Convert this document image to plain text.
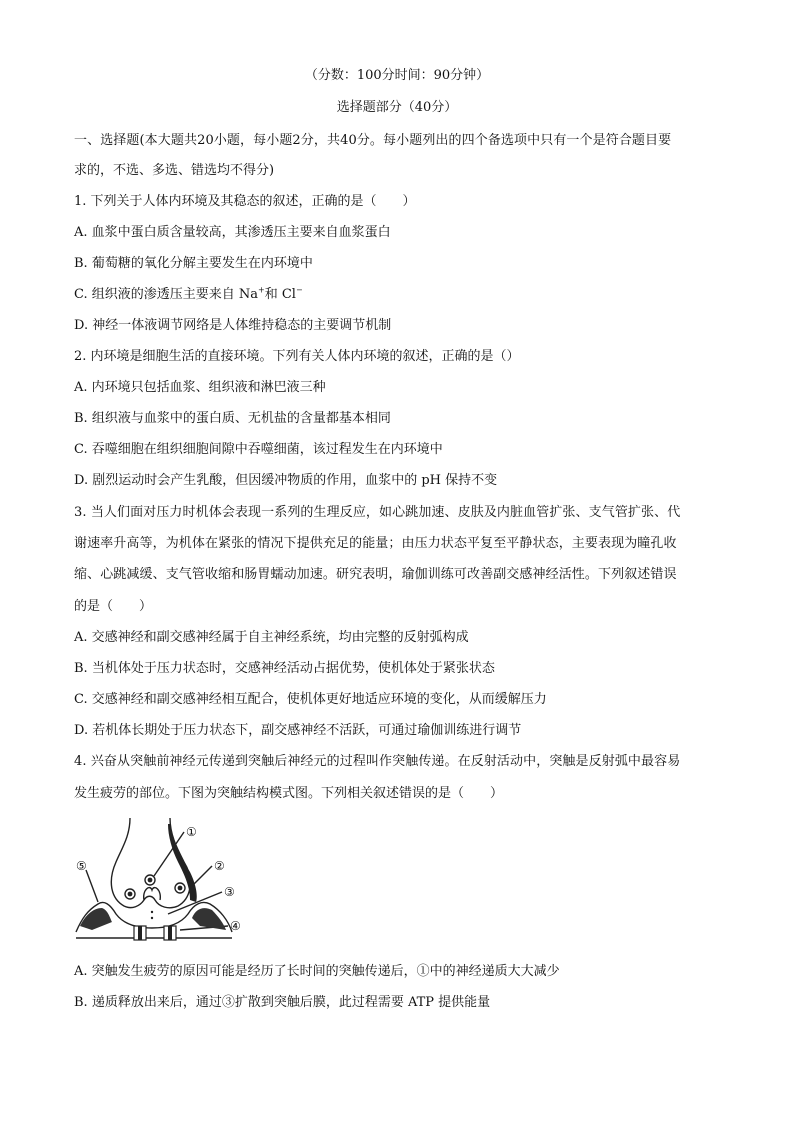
（分数：100分时间：90分钟）
选择题部分（40分）
一、选择题(本大题共20小题，每小题2分，共40分。每小题列出的四个备选项中只有一个是符合题目要
求的，不选、多选、错选均不得分)
1. 下列关于人体内环境及其稳态的叙述，正确的是（　　）
A. 血浆中蛋白质含量较高，其渗透压主要来自血浆蛋白
B. 葡萄糖的氧化分解主要发生在内环境中
C. 组织液的渗透压主要来自 Na+和 Cl−
D. 神经一体液调节网络是人体维持稳态的主要调节机制
2. 内环境是细胞生活的直接环境。下列有关人体内环境的叙述，正确的是（）
A. 内环境只包括血浆、组织液和淋巴液三种
B. 组织液与血浆中的蛋白质、无机盐的含量都基本相同
C. 吞噬细胞在组织细胞间隙中吞噬细菌，该过程发生在内环境中
D. 剧烈运动时会产生乳酸，但因缓冲物质的作用，血浆中的 pH 保持不变
3. 当人们面对压力时机体会表现一系列的生理反应，如心跳加速、皮肤及内脏血管扩张、支气管扩张、代
谢速率升高等，为机体在紧张的情况下提供充足的能量；由压力状态平复至平静状态，主要表现为瞳孔收
缩、心跳减缓、支气管收缩和肠胃蠕动加速。研究表明，瑜伽训练可改善副交感神经活性。下列叙述错误
的是（　　）
A. 交感神经和副交感神经属于自主神经系统，均由完整的反射弧构成
B. 当机体处于压力状态时，交感神经活动占据优势，使机体处于紧张状态
C. 交感神经和副交感神经相互配合，使机体更好地适应环境的变化，从而缓解压力
D. 若机体长期处于压力状态下，副交感神经不活跃，可通过瑜伽训练进行调节
4. 兴奋从突触前神经元传递到突触后神经元的过程叫作突触传递。在反射活动中，突触是反射弧中最容易
发生疲劳的部位。下图为突触结构模式图。下列相关叙述错误的是（　　）
①
②
③
④
⑤
A. 突触发生疲劳的原因可能是经历了长时间的突触传递后，①中的神经递质大大减少
B. 递质释放出来后，通过③扩散到突触后膜，此过程需要 ATP 提供能量
